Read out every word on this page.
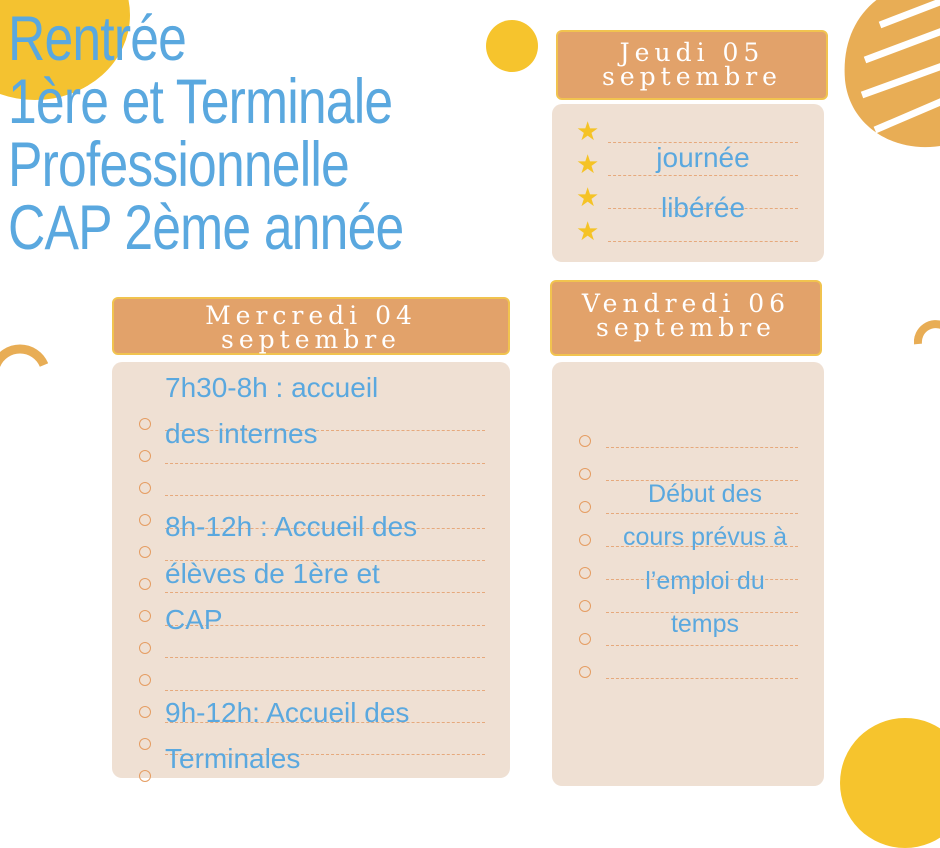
Rentrée
1ère et Terminale
Professionnelle
CAP 2ème année
Mercredi 04
septembre
7h30-8h : accueil
des internes
8h-12h : Accueil des
élèves de 1ère et
CAP
9h-12h: Accueil des
Terminales
Jeudi 05
septembre
★
★
★
★
journée
libérée
Vendredi 06
septembre
Début des
cours prévus à
l’emploi du
temps
